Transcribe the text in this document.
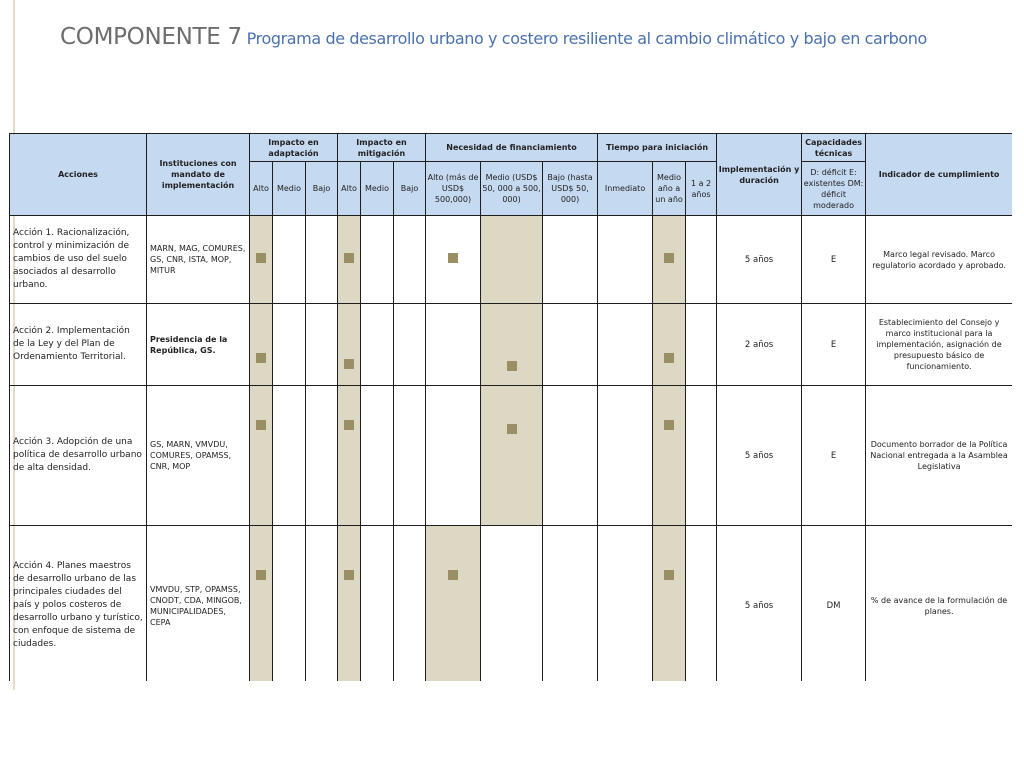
COMPONENTE 7 Programa de desarrollo urbano y costero resiliente al cambio climático y bajo en carbono
Acciones	Instituciones con mandato de implementación	Impacto en adaptación			Impacto en mitigación			Necesidad de financiamiento			Tiempo para iniciación			Implementación y duración	Capacidades técnicas	Indicador de cumplimiento
		Alto	Medio	Bajo	Alto	Medio	Bajo	Alto (más de USD$ 500,000)	Medio (USD$ 50, 000 a 500, 000)	Bajo (hasta USD$ 50, 000)	Inmediato	Medio año a un año	1 a 2 años		D: déficit E: existentes DM: déficit moderado	
Acción 1. Racionalización, control y minimización de cambios de uso del suelo asociados al desarrollo urbano.	MARN, MAG, COMURES, GS, CNR, ISTA, MOP, MITUR													5 años	E	Marco legal revisado. Marco regulatorio acordado y aprobado.
Acción 2. Implementación de la Ley y del Plan de Ordenamiento Territorial.	Presidencia de la República, GS.													2 años	E	Establecimiento del Consejo y marco institucional para la implementación, asignación de presupuesto básico de funcionamiento.
Acción 3. Adopción de una política de desarrollo urbano de alta densidad.	GS, MARN, VMVDU, COMURES, OPAMSS, CNR, MOP													5 años	E	Documento borrador de la Política Nacional entregada a la Asamblea Legislativa
Acción 4. Planes maestros de desarrollo urbano de las principales ciudades del país y polos costeros de desarrollo urbano y turístico, con enfoque de sistema de ciudades.	VMVDU, STP, OPAMSS, CNODT, CDA, MINGOB, MUNICIPALIDADES, CEPA													5 años	DM	% de avance de la formulación de planes.
